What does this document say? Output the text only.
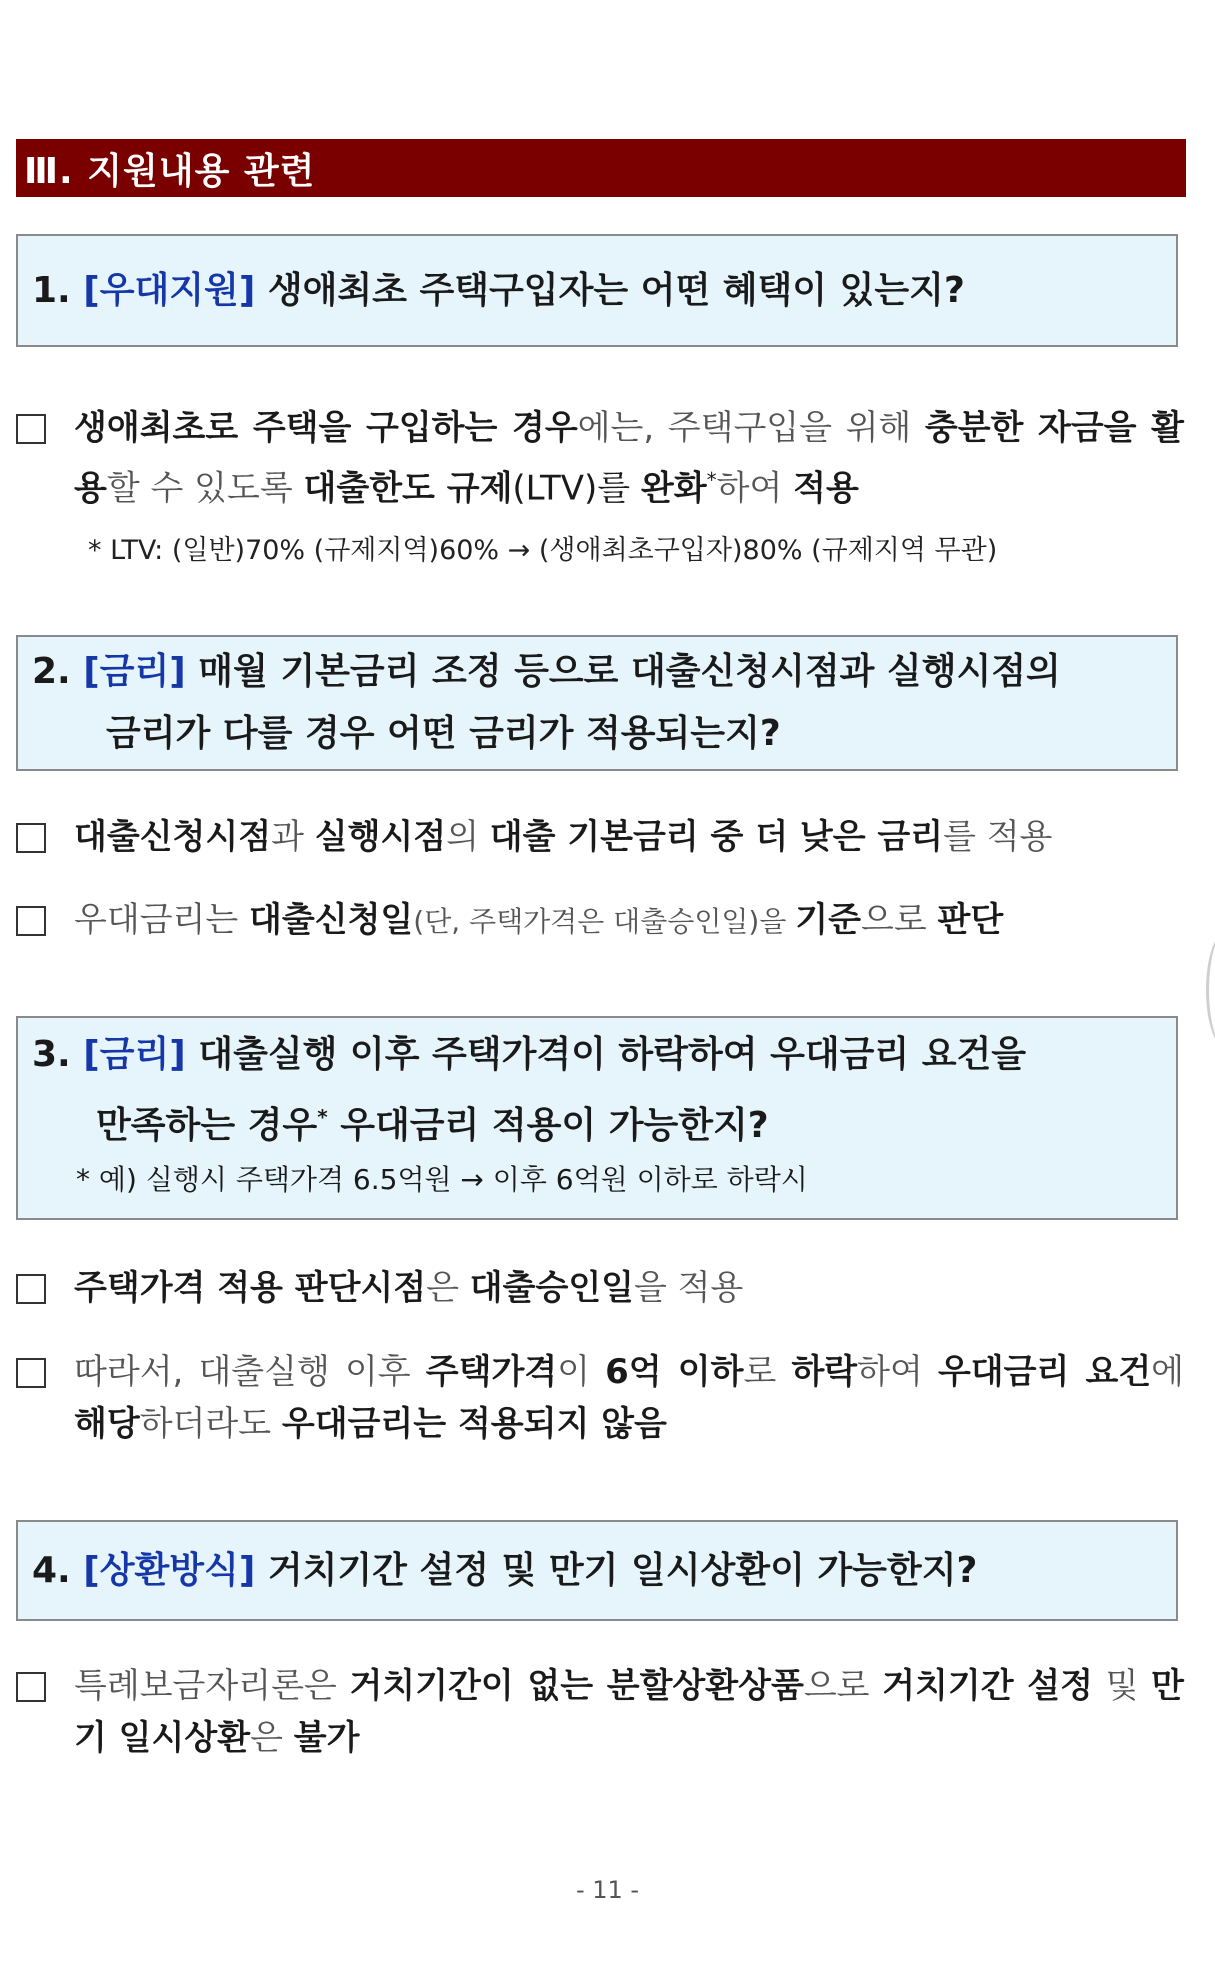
Ⅲ. 지원내용 관련
1. [우대지원] 생애최초 주택구입자는 어떤 혜택이 있는지?
생애최초로 주택을 구입하는 경우에는, 주택구입을 위해 충분한 자금을 활용할 수 있도록 대출한도 규제(LTV)를 완화*하여 적용
* LTV: (일반)70% (규제지역)60% → (생애최초구입자)80% (규제지역 무관)
2. [금리] 매월 기본금리 조정 등으로 대출신청시점과 실행시점의
금리가 다를 경우 어떤 금리가 적용되는지?
대출신청시점과 실행시점의 대출 기본금리 중 더 낮은 금리를 적용
우대금리는 대출신청일(단, 주택가격은 대출승인일)을 기준으로 판단
3. [금리] 대출실행 이후 주택가격이 하락하여 우대금리 요건을
만족하는 경우* 우대금리 적용이 가능한지?
* 예) 실행시 주택가격 6.5억원 → 이후 6억원 이하로 하락시
주택가격 적용 판단시점은 대출승인일을 적용
따라서, 대출실행 이후 주택가격이 6억 이하로 하락하여 우대금리 요건에 해당하더라도 우대금리는 적용되지 않음
4. [상환방식] 거치기간 설정 및 만기 일시상환이 가능한지?
특례보금자리론은 거치기간이 없는 분할상환상품으로 거치기간 설정 및 만기 일시상환은 불가
- 11 -
